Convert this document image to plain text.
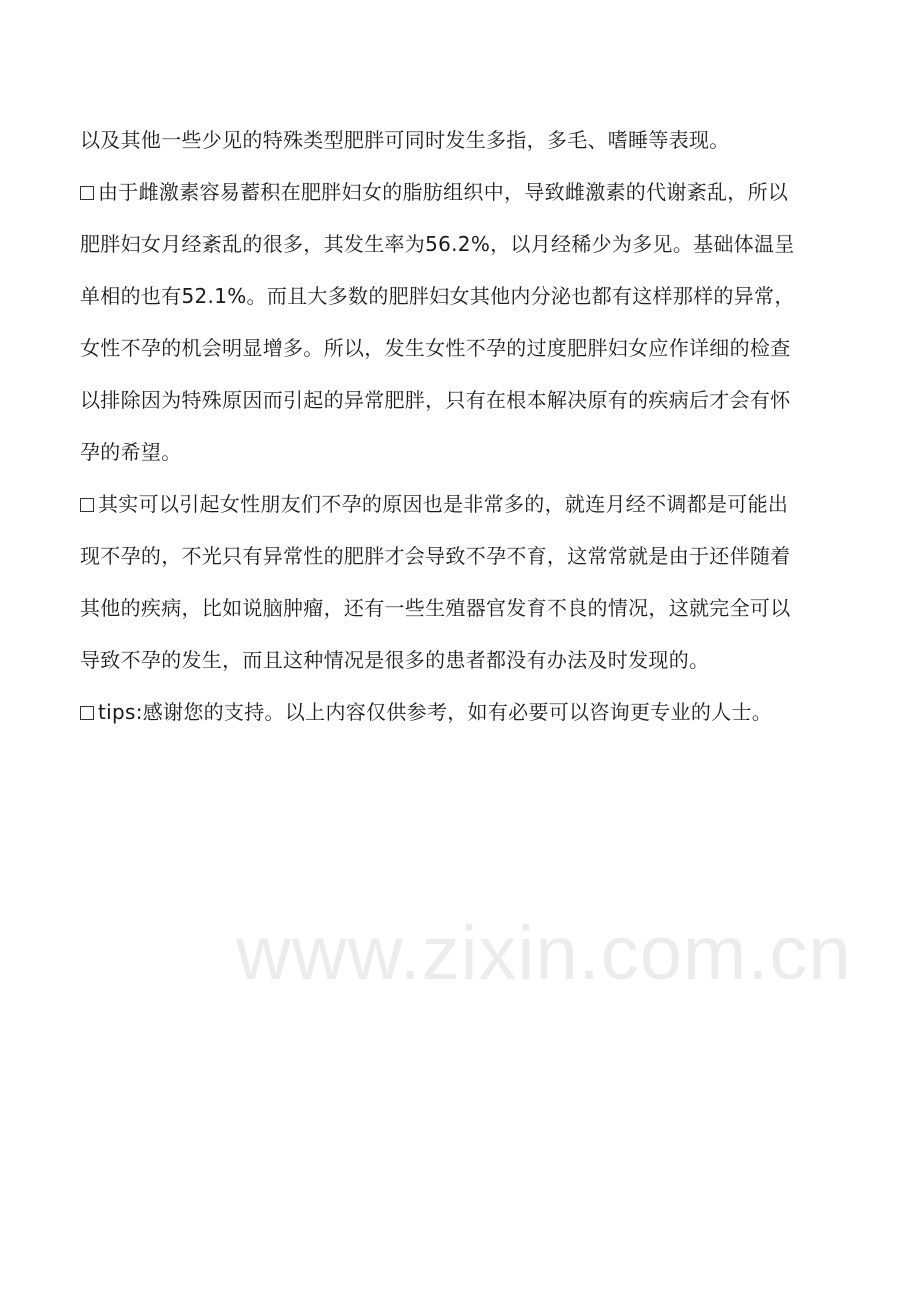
以及其他一些少见的特殊类型肥胖可同时发生多指，多毛、嗜睡等表现。
由于雌激素容易蓄积在肥胖妇女的脂肪组织中，导致雌激素的代谢紊乱，所以
肥胖妇女月经紊乱的很多，其发生率为56.2%，以月经稀少为多见。基础体温呈
单相的也有52.1%。而且大多数的肥胖妇女其他内分泌也都有这样那样的异常，
女性不孕的机会明显增多。所以，发生女性不孕的过度肥胖妇女应作详细的检查
以排除因为特殊原因而引起的异常肥胖，只有在根本解决原有的疾病后才会有怀
孕的希望。
其实可以引起女性朋友们不孕的原因也是非常多的，就连月经不调都是可能出
现不孕的，不光只有异常性的肥胖才会导致不孕不育，这常常就是由于还伴随着
其他的疾病，比如说脑肿瘤，还有一些生殖器官发育不良的情况，这就完全可以
导致不孕的发生，而且这种情况是很多的患者都没有办法及时发现的。
tips:感谢您的支持。以上内容仅供参考，如有必要可以咨询更专业的人士。
www.zixin.com.cn
